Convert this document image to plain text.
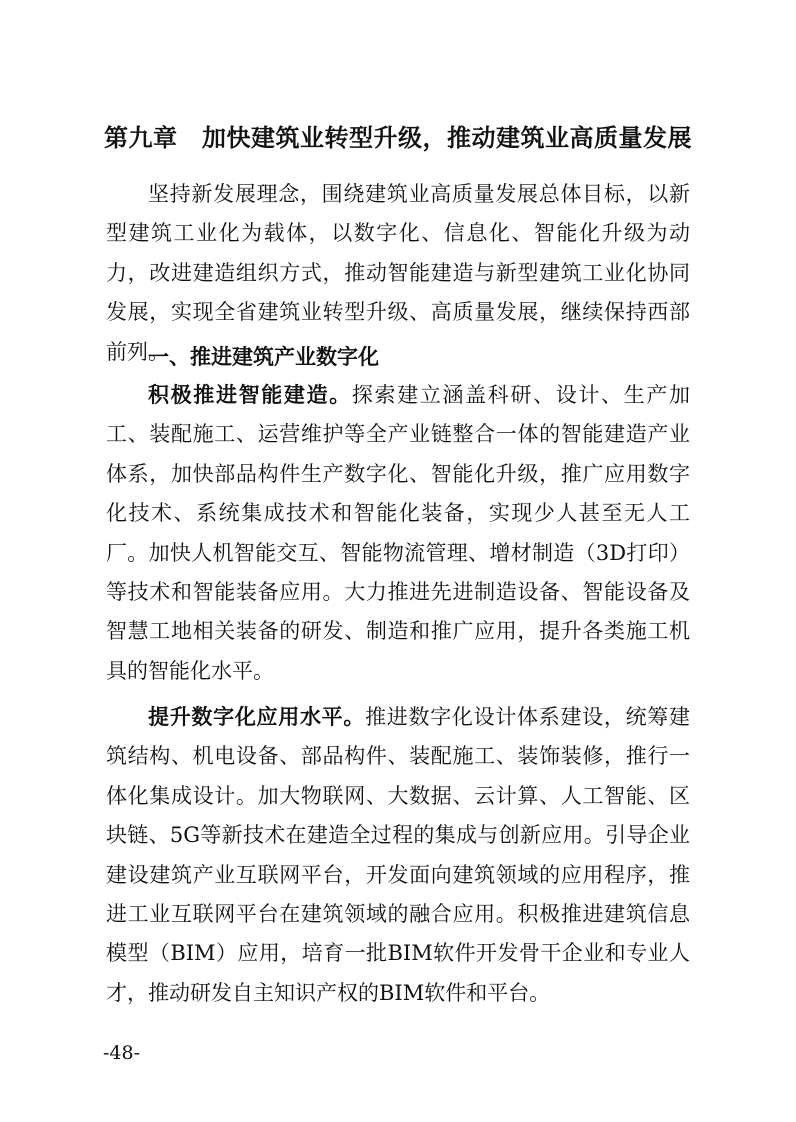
第九章　加快建筑业转型升级，推动建筑业高质量发展
坚持新发展理念，围绕建筑业高质量发展总体目标，以新型建筑工业化为载体，以数字化、信息化、智能化升级为动力，改进建造组织方式，推动智能建造与新型建筑工业化协同发展，实现全省建筑业转型升级、高质量发展，继续保持西部前列。
一、推进建筑产业数字化
积极推进智能建造。探索建立涵盖科研、设计、生产加工、装配施工、运营维护等全产业链整合一体的智能建造产业体系，加快部品构件生产数字化、智能化升级，推广应用数字化技术、系统集成技术和智能化装备，实现少人甚至无人工厂。加快人机智能交互、智能物流管理、增材制造（3D打印）等技术和智能装备应用。大力推进先进制造设备、智能设备及智慧工地相关装备的研发、制造和推广应用，提升各类施工机具的智能化水平。
提升数字化应用水平。推进数字化设计体系建设，统筹建筑结构、机电设备、部品构件、装配施工、装饰装修，推行一体化集成设计。加大物联网、大数据、云计算、人工智能、区块链、5G等新技术在建造全过程的集成与创新应用。引导企业建设建筑产业互联网平台，开发面向建筑领域的应用程序，推进工业互联网平台在建筑领域的融合应用。积极推进建筑信息模型（BIM）应用，培育一批BIM软件开发骨干企业和专业人才，推动研发自主知识产权的BIM软件和平台。
-48-
